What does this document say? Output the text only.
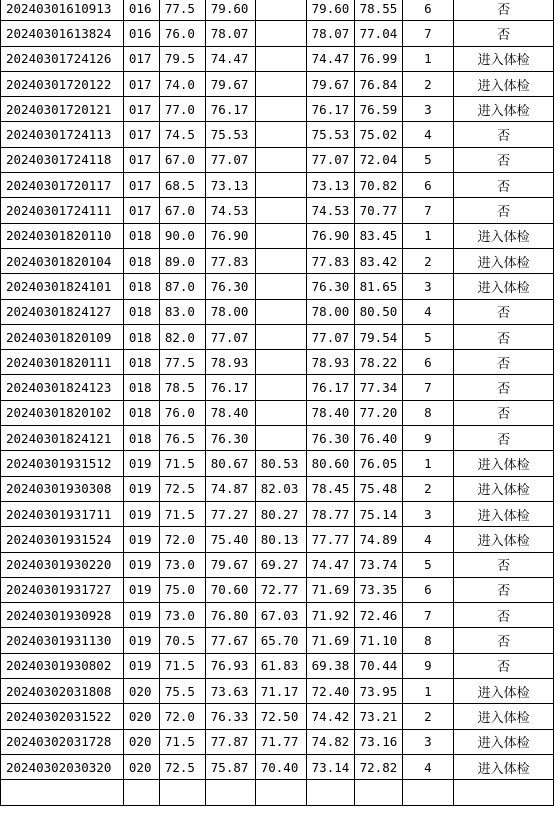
20240301610913	016	77.5	79.60		79.60	78.55	6	否
20240301613824	016	76.0	78.07		78.07	77.04	7	否
20240301724126	017	79.5	74.47		74.47	76.99	1	进入体检
20240301720122	017	74.0	79.67		79.67	76.84	2	进入体检
20240301720121	017	77.0	76.17		76.17	76.59	3	进入体检
20240301724113	017	74.5	75.53		75.53	75.02	4	否
20240301724118	017	67.0	77.07		77.07	72.04	5	否
20240301720117	017	68.5	73.13		73.13	70.82	6	否
20240301724111	017	67.0	74.53		74.53	70.77	7	否
20240301820110	018	90.0	76.90		76.90	83.45	1	进入体检
20240301820104	018	89.0	77.83		77.83	83.42	2	进入体检
20240301824101	018	87.0	76.30		76.30	81.65	3	进入体检
20240301824127	018	83.0	78.00		78.00	80.50	4	否
20240301820109	018	82.0	77.07		77.07	79.54	5	否
20240301820111	018	77.5	78.93		78.93	78.22	6	否
20240301824123	018	78.5	76.17		76.17	77.34	7	否
20240301820102	018	76.0	78.40		78.40	77.20	8	否
20240301824121	018	76.5	76.30		76.30	76.40	9	否
20240301931512	019	71.5	80.67	80.53	80.60	76.05	1	进入体检
20240301930308	019	72.5	74.87	82.03	78.45	75.48	2	进入体检
20240301931711	019	71.5	77.27	80.27	78.77	75.14	3	进入体检
20240301931524	019	72.0	75.40	80.13	77.77	74.89	4	进入体检
20240301930220	019	73.0	79.67	69.27	74.47	73.74	5	否
20240301931727	019	75.0	70.60	72.77	71.69	73.35	6	否
20240301930928	019	73.0	76.80	67.03	71.92	72.46	7	否
20240301931130	019	70.5	77.67	65.70	71.69	71.10	8	否
20240301930802	019	71.5	76.93	61.83	69.38	70.44	9	否
20240302031808	020	75.5	73.63	71.17	72.40	73.95	1	进入体检
20240302031522	020	72.0	76.33	72.50	74.42	73.21	2	进入体检
20240302031728	020	71.5	77.87	71.77	74.82	73.16	3	进入体检
20240302030320	020	72.5	75.87	70.40	73.14	72.82	4	进入体检
